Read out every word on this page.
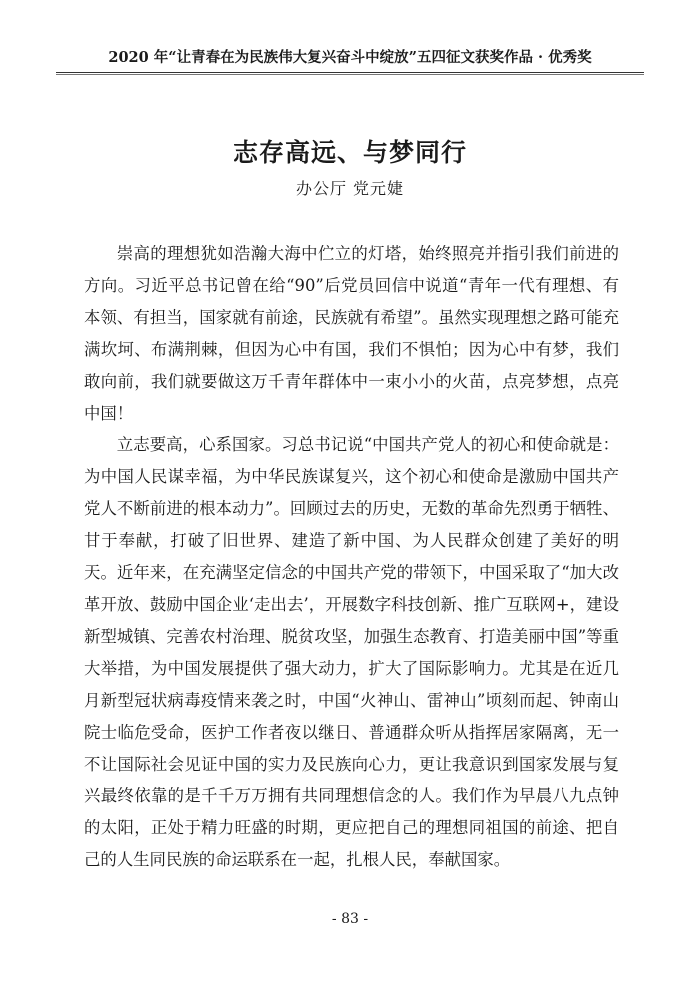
2020 年“让青春在为民族伟大复兴奋斗中绽放”五四征文获奖作品 · 优秀奖
志存高远、与梦同行
办公厅 党元婕

崇高的理想犹如浩瀚大海中伫立的灯塔，始终照亮并指引我们前进的方向。习近平总书记曾在给“90”后党员回信中说道“青年一代有理想、有本领、有担当，国家就有前途，民族就有希望”。虽然实现理想之路可能充满坎坷、布满荆棘，但因为心中有国，我们不惧怕；因为心中有梦，我们敢向前，我们就要做这万千青年群体中一束小小的火苗，点亮梦想，点亮中国！

立志要高，心系国家。习总书记说“中国共产党人的初心和使命就是：为中国人民谋幸福，为中华民族谋复兴，这个初心和使命是激励中国共产党人不断前进的根本动力”。回顾过去的历史，无数的革命先烈勇于牺牲、甘于奉献，打破了旧世界、建造了新中国、为人民群众创建了美好的明天。近年来，在充满坚定信念的中国共产党的带领下，中国采取了“加大改革开放、鼓励中国企业‘走出去’，开展数字科技创新、推广互联网+，建设新型城镇、完善农村治理、脱贫攻坚，加强生态教育、打造美丽中国”等重大举措，为中国发展提供了强大动力，扩大了国际影响力。尤其是在近几月新型冠状病毒疫情来袭之时，中国“火神山、雷神山”顷刻而起、钟南山院士临危受命，医护工作者夜以继日、普通群众听从指挥居家隔离，无一不让国际社会见证中国的实力及民族向心力，更让我意识到国家发展与复兴最终依靠的是千千万万拥有共同理想信念的人。我们作为早晨八九点钟的太阳，正处于精力旺盛的时期，更应把自己的理想同祖国的前途、把自己的人生同民族的命运联系在一起，扎根人民，奉献国家。

- 83 -
